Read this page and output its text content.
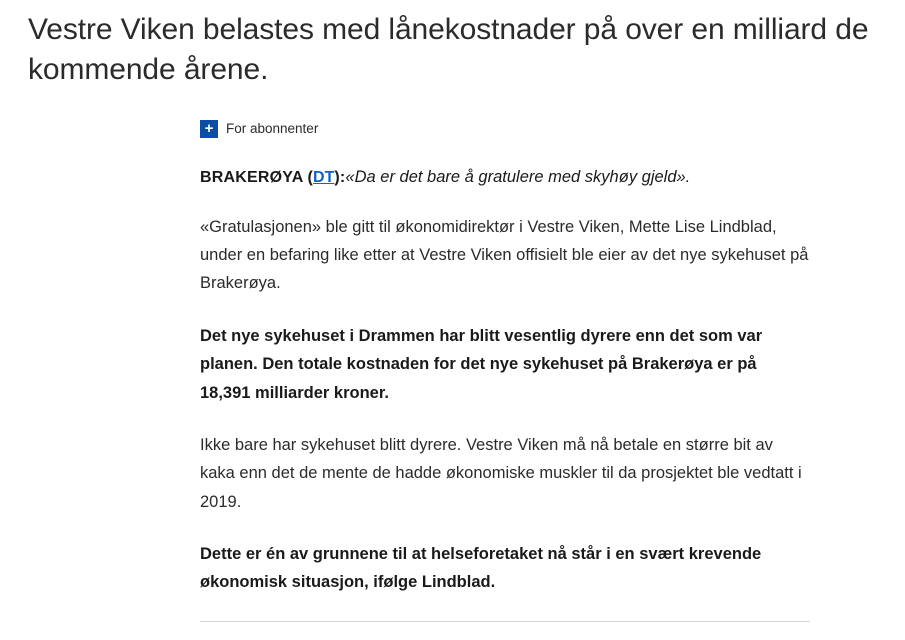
Vestre Viken belastes med lånekostnader på over en milliard de kommende årene.
+ For abonnenter

BRAKERØYA (DT): «Da er det bare å gratulere med skyhøy gjeld».

«Gratulasjonen» ble gitt til økonomidirektør i Vestre Viken, Mette Lise Lindblad, under en befaring like etter at Vestre Viken offisielt ble eier av det nye sykehuset på Brakerøya.

Det nye sykehuset i Drammen har blitt vesentlig dyrere enn det som var planen. Den totale kostnaden for det nye sykehuset på Brakerøya er på 18,391 milliarder kroner.

Ikke bare har sykehuset blitt dyrere. Vestre Viken må nå betale en større bit av kaka enn det de mente de hadde økonomiske muskler til da prosjektet ble vedtatt i 2019.

Dette er én av grunnene til at helseforetaket nå står i en svært krevende økonomisk situasjon, ifølge Lindblad.
